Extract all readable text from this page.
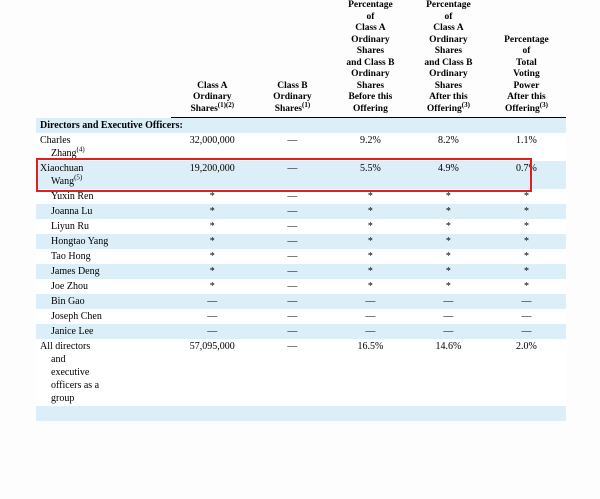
Class A
Ordinary
Shares$^{(1)(2)}$

Class B
Ordinary
Shares$^{(1)}$

Percentage
of
Class A
Ordinary
Shares
and Class B
Ordinary
Shares
Before this
Offering

Percentage
of
Class A
Ordinary
Shares
and Class B
Ordinary
Shares
After this
Offering$^{(3)}$

Percentage
of
Total
Voting
Power
After this
Offering$^{(3)}$

Directors and Executive Officers:					

Charles
Zhang$^{(4)}$	32,000,000	—	9.2%	8.2%	1.1%

Xiaochuan
Wang$^{(5)}$	19,200,000	—	5.5%	4.9%	0.7%

Yuxin Ren	*	—	*	*	*

Joanna Lu	*	—	*	*	*

Liyun Ru	*	—	*	*	*

Hongtao Yang	*	—	*	*	*

Tao Hong	*	—	*	*	*

James Deng	*	—	*	*	*

Joe Zhou	*	—	*	*	*

Bin Gao	—	—	—	—	—

Joseph Chen	—	—	—	—	—

Janice Lee	—	—	—	—	—

All directors
and
executive
officers as a
group	57,095,000	—	16.5%	14.6%	2.0%
